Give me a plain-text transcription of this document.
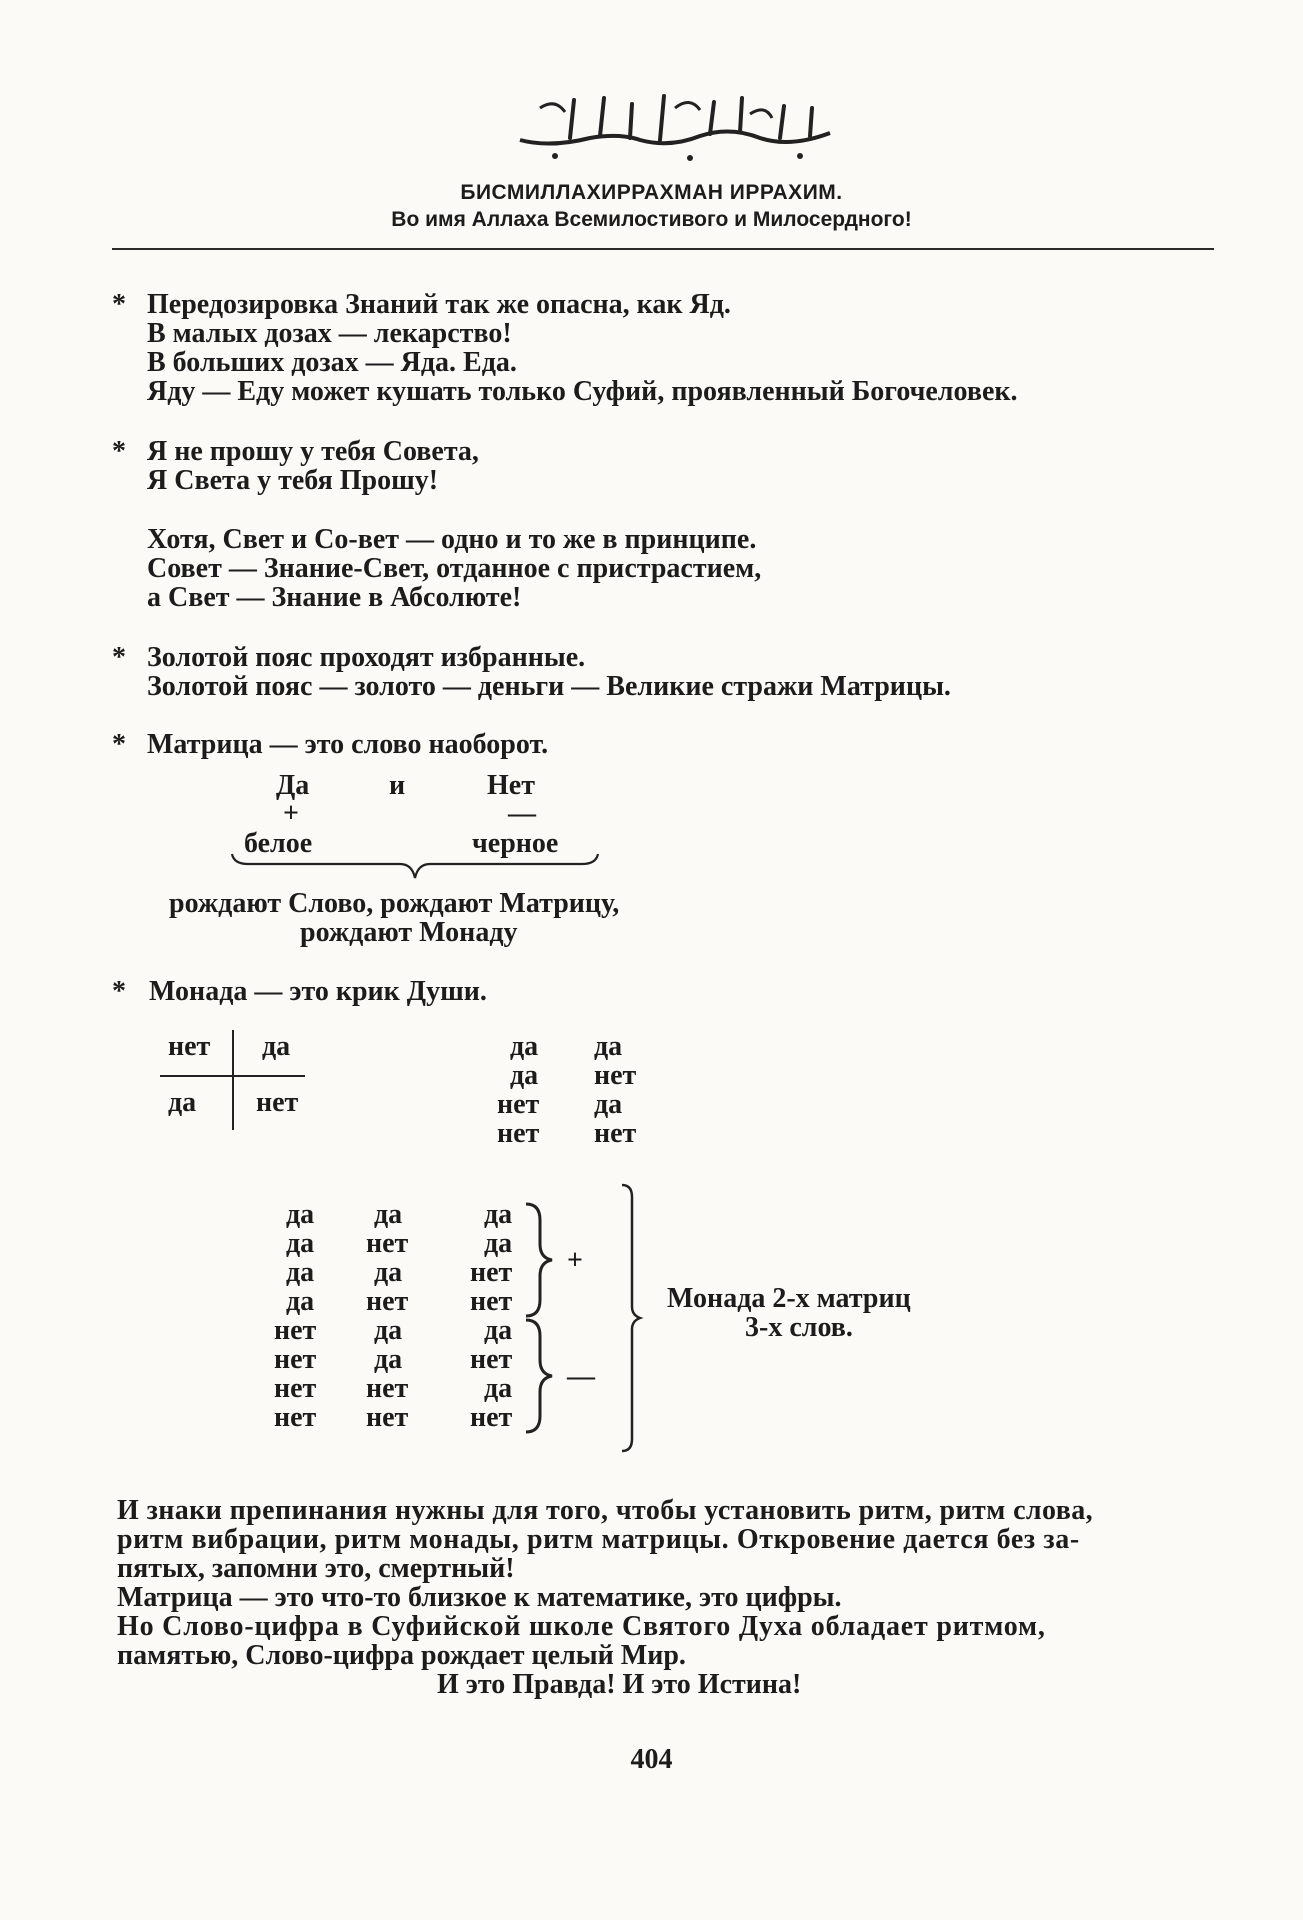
БИСМИЛЛАХИРРАХМАН ИРРАХИМ.
Во имя Аллаха Всемилостивого и Милосердного!
* Передозировка Знаний так же опасна, как Яд.
В малых дозах — лекарство!
В больших дозах — Яда. Еда.
Яду — Еду может кушать только Суфий, проявленный Богочеловек.
* Я не прошу у тебя Совета,
Я Света у тебя Прошу!
Хотя, Свет и Со-вет — одно и то же в принципе.
Совет — Знание-Свет, отданное с пристрастием,
а Свет — Знание в Абсолюте!
* Золотой пояс проходят избранные.
Золотой пояс — золото — деньги — Великие стражи Матрицы.
* Матрица — это слово наоборот.
Да	и	Нет
+	—
белое	черное
рождают Слово, рождают Матрицу,
рождают Монаду
* Монада — это крик Души.
нет да
да нет
да да
да нет
нет да
нет нет
да да	да
да нет	да
да да нет
да нет нет
нет да	да
нет да нет
нет нет	да
нет нет нет
+
—
Монада 2-х матриц
3-х слов.
И знаки препинания нужны для того, чтобы установить ритм, ритм слова,
ритм вибрации, ритм монады, ритм матрицы. Откровение дается без за-
пятых, запомни это, смертный!
Матрица — это что-то близкое к математике, это цифры.
Но Слово-цифра в Суфийской школе Святого Духа обладает ритмом,
памятью, Слово-цифра рождает целый Мир.
И это Правда! И это Истина!
404
